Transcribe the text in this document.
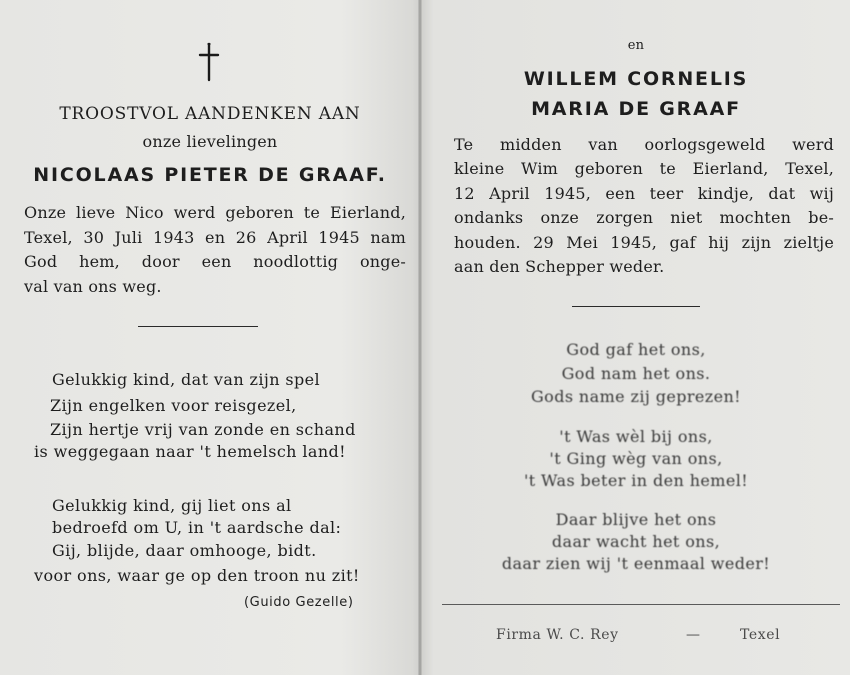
TROOSTVOL AANDENKEN AAN
onze lievelingen
NICOLAAS PIETER DE GRAAF.
Onze lieve Nico werd geboren te Eierland,
Texel, 30 Juli 1943 en 26 April 1945 nam
God hem, door een noodlottig onge-
val van ons weg.
Gelukkig kind, dat van zijn spel
Zijn engelken voor reisgezel,
Zijn hertje vrij van zonde en schand
is weggegaan naar 't hemelsch land!
Gelukkig kind, gij liet ons al
bedroefd om U, in 't aardsche dal:
Gij, blijde, daar omhooge, bidt.
voor ons, waar ge op den troon nu zit!
(Guido Gezelle)
en
WILLEM CORNELIS
MARIA DE GRAAF
Te midden van oorlogsgeweld werd
kleine Wim geboren te Eierland, Texel,
12 April 1945, een teer kindje, dat wij
ondanks onze zorgen niet mochten be-
houden. 29 Mei 1945, gaf hij zijn zieltje
aan den Schepper weder.
God gaf het ons,
God nam het ons.
Gods name zij geprezen!
't Was wèl bij ons,
't Ging wèg van ons,
't Was beter in den hemel!
Daar blijve het ons
daar wacht het ons,
daar zien wij 't eenmaal weder!
Firma W. C. Rey	—	Texel
